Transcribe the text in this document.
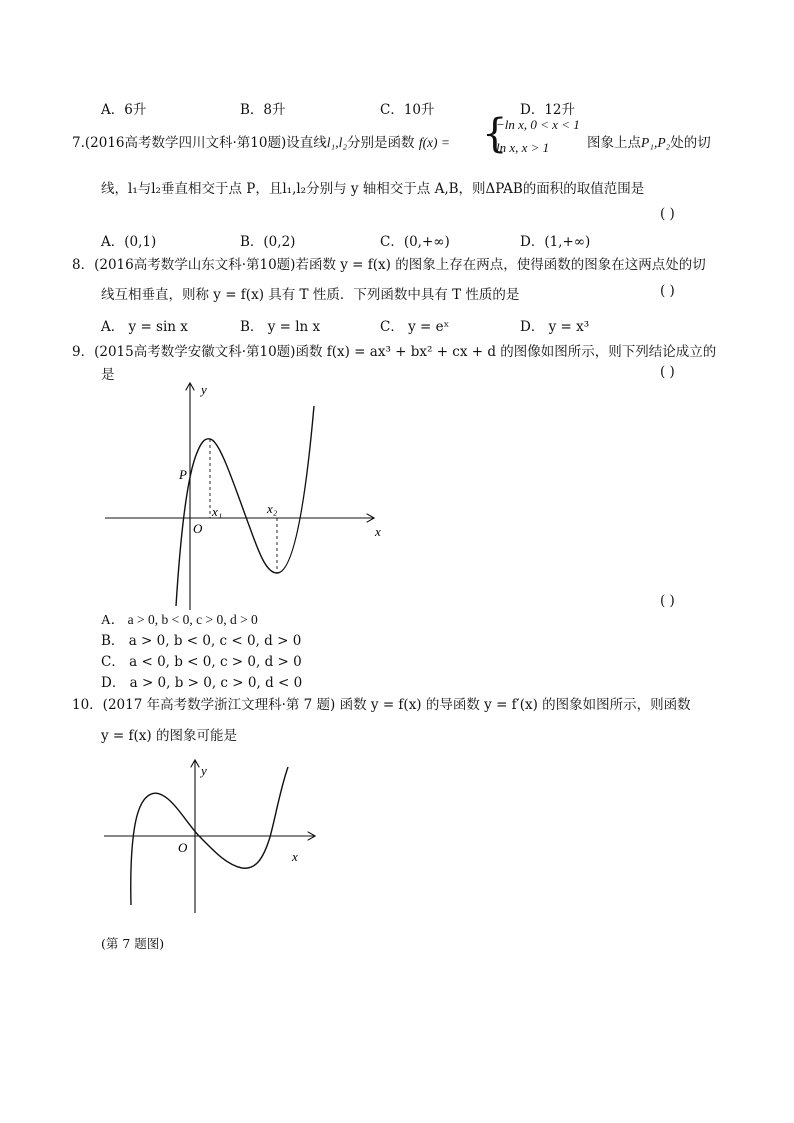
A．6升	B．8升	C．10升	D．12升
7.(2016高考数学四川文科·第10题)设直线l₁,l₂分别是函数 f(x) = {
−ln x, 0 < x < 1
ln x, x > 1	图象上点P₁,P₂处的切
线，l₁与l₂垂直相交于点 P，且l₁,l₂分别与 y 轴相交于点 A,B，则ΔPAB的面积的取值范围是
( )
A．(0,1)	B．(0,2)	C．(0,+∞)	D．(1,+∞)
8．(2016高考数学山东文科·第10题)若函数 y = f(x) 的图象上存在两点，使得函数的图象在这两点处的切
线互相垂直，则称 y = f(x) 具有 T 性质．下列函数中具有 T 性质的是	( )
A． y = sin x	B． y = ln x	C． y = eˣ	D． y = x³
9．(2015高考数学安徽文科·第10题)函数 f(x) = ax³ + bx² + cx + d 的图像如图所示，则下列结论成立的
是	( )
y
x
O
P
x₁	x₂
( )
A． a > 0, b < 0, c > 0, d > 0
B． a > 0, b < 0, c < 0, d > 0
C． a < 0, b < 0, c > 0, d > 0
D． a > 0, b > 0, c > 0, d < 0
10．(2017 年高考数学浙江文理科·第 7 题) 函数 y = f(x) 的导函数 y = f′(x) 的图象如图所示，则函数
y = f(x) 的图象可能是
y
x
O
(第 7 题图)
